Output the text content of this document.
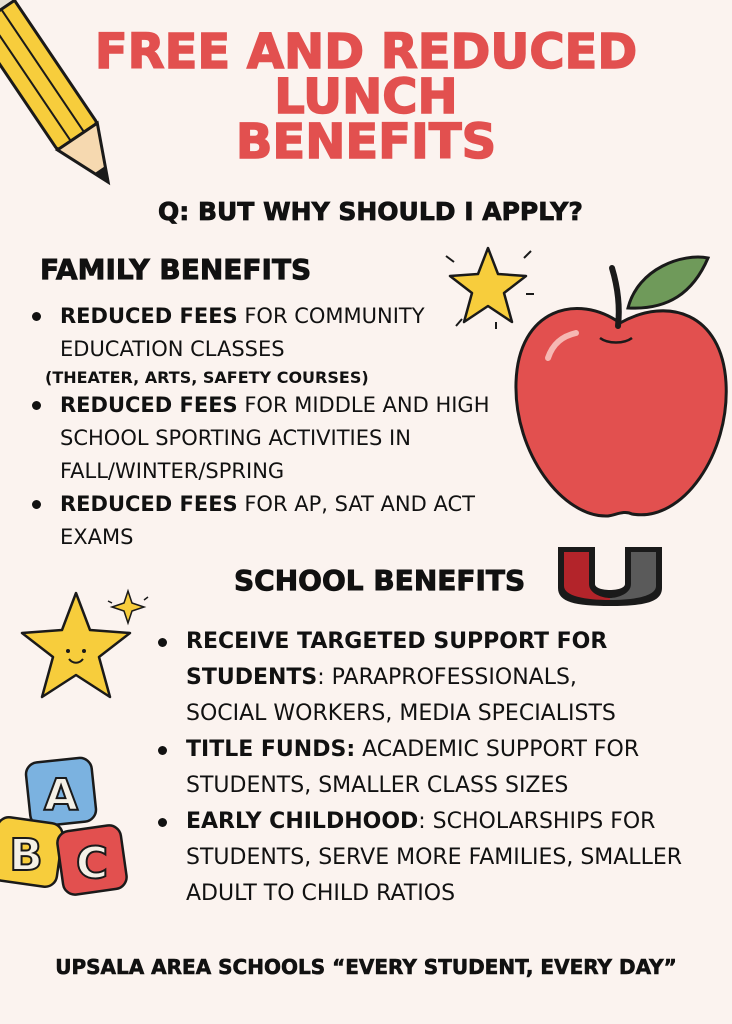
FREE AND REDUCED
LUNCH
BENEFITS
Q: BUT WHY SHOULD I APPLY?
FAMILY BENEFITS
REDUCED FEES FOR COMMUNITY EDUCATION CLASSES
(THEATER, ARTS, SAFETY COURSES)
REDUCED FEES FOR MIDDLE AND HIGH SCHOOL SPORTING ACTIVITIES IN FALL/WINTER/SPRING
REDUCED FEES FOR AP, SAT AND ACT EXAMS
SCHOOL BENEFITS
RECEIVE TARGETED SUPPORT FOR STUDENTS: PARAPROFESSIONALS, SOCIAL WORKERS, MEDIA SPECIALISTS
TITLE FUNDS: ACADEMIC SUPPORT FOR STUDENTS, SMALLER CLASS SIZES
EARLY CHILDHOOD: SCHOLARSHIPS FOR STUDENTS, SERVE MORE FAMILIES, SMALLER ADULT TO CHILD RATIOS
A
B C
UPSALA AREA SCHOOLS “EVERY STUDENT, EVERY DAY”
